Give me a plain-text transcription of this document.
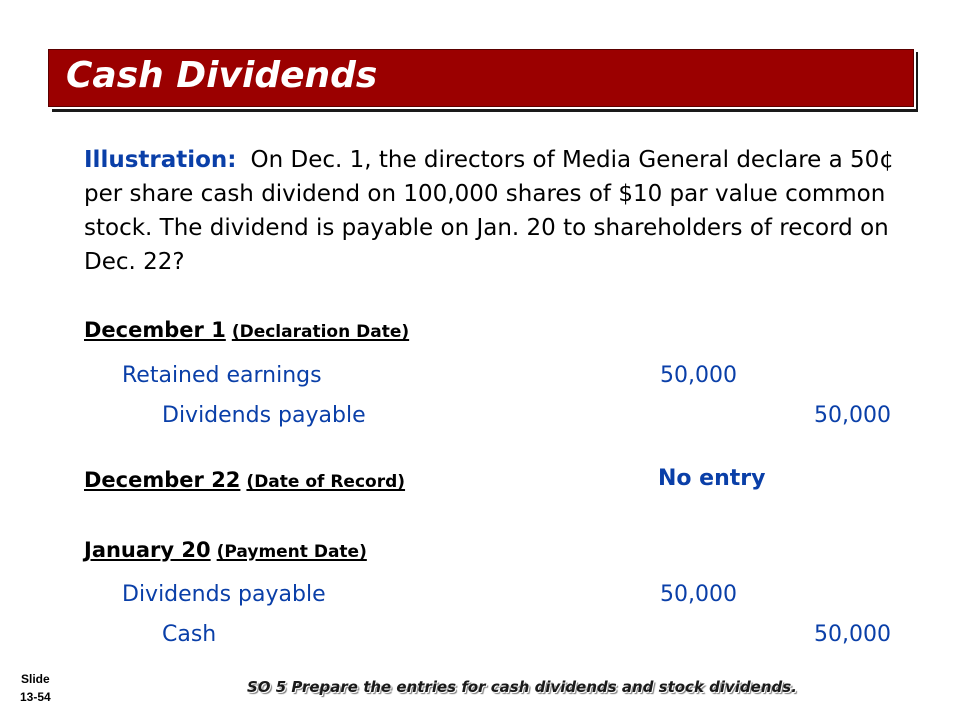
Cash Dividends
Illustration: On Dec. 1, the directors of Media General declare a 50¢ per share cash dividend on 100,000 shares of $10 par value common stock. The dividend is payable on Jan. 20 to shareholders of record on Dec. 22?
December 1 (Declaration Date)
Retained earnings	50,000
Dividends payable	50,000
December 22 (Date of Record)	No entry
January 20 (Payment Date)
Dividends payable	50,000
Cash	50,000
Slide
13-54
SO 5 Prepare the entries for cash dividends and stock dividends.
